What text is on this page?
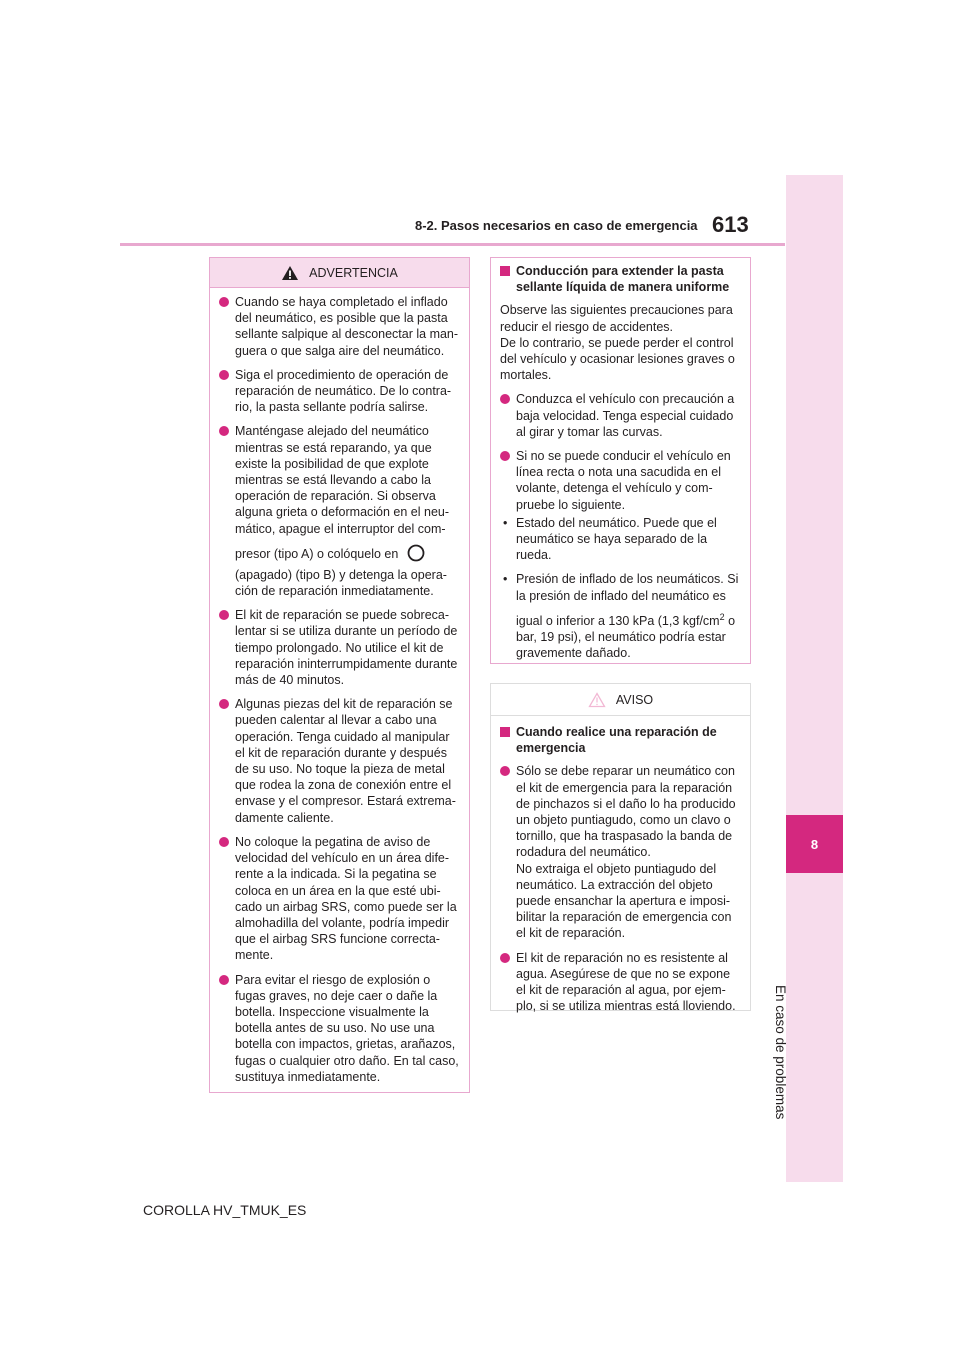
8-2. Pasos necesarios en caso de emergencia 613
8
En caso de problemas
ADVERTENCIA
Cuando se haya completado el inflado
del neumático, es posible que la pasta
sellante salpique al desconectar la man-
guera o que salga aire del neumático.
Siga el procedimiento de operación de
reparación de neumático. De lo contra-
rio, la pasta sellante podría salirse.
Manténgase alejado del neumático
mientras se está reparando, ya que
existe la posibilidad de que explote
mientras se está llevando a cabo la
operación de reparación. Si observa
alguna grieta o deformación en el neu-
mático, apague el interruptor del com-
presor (tipo A) o colóquelo en
(apagado) (tipo B) y detenga la opera-
ción de reparación inmediatamente.
El kit de reparación se puede sobreca-
lentar si se utiliza durante un período de
tiempo prolongado. No utilice el kit de
reparación ininterrumpidamente durante
más de 40 minutos.
Algunas piezas del kit de reparación se
pueden calentar al llevar a cabo una
operación. Tenga cuidado al manipular
el kit de reparación durante y después
de su uso. No toque la pieza de metal
que rodea la zona de conexión entre el
envase y el compresor. Estará extrema-
damente caliente.
No coloque la pegatina de aviso de
velocidad del vehículo en un área dife-
rente a la indicada. Si la pegatina se
coloca en un área en la que esté ubi-
cado un airbag SRS, como puede ser la
almohadilla del volante, podría impedir
que el airbag SRS funcione correcta-
mente.
Para evitar el riesgo de explosión o
fugas graves, no deje caer o dañe la
botella. Inspeccione visualmente la
botella antes de su uso. No use una
botella con impactos, grietas, arañazos,
fugas o cualquier otro daño. En tal caso,
sustituya inmediatamente.
Conducción para extender la pasta
sellante líquida de manera uniforme
Observe las siguientes precauciones para
reducir el riesgo de accidentes.
De lo contrario, se puede perder el control
del vehículo y ocasionar lesiones graves o
mortales.
Conduzca el vehículo con precaución a
baja velocidad. Tenga especial cuidado
al girar y tomar las curvas.
Si no se puede conducir el vehículo en
línea recta o nota una sacudida en el
volante, detenga el vehículo y com-
pruebe lo siguiente.
• Estado del neumático. Puede que el
neumático se haya separado de la
rueda.
• Presión de inflado de los neumáticos. Si
la presión de inflado del neumático es
igual o inferior a 130 kPa (1,3 kgf/$cm^2$ o
bar, 19 psi), el neumático podría estar
gravemente dañado.
AVISO
Cuando realice una reparación de
emergencia
Sólo se debe reparar un neumático con
el kit de emergencia para la reparación
de pinchazos si el daño lo ha producido
un objeto puntiagudo, como un clavo o
tornillo, que ha traspasado la banda de
rodadura del neumático.
No extraiga el objeto puntiagudo del
neumático. La extracción del objeto
puede ensanchar la apertura e imposi-
bilitar la reparación de emergencia con
el kit de reparación.
El kit de reparación no es resistente al
agua. Asegúrese de que no se expone
el kit de reparación al agua, por ejem-
plo, si se utiliza mientras está lloviendo.
COROLLA HV_TMUK_ES
